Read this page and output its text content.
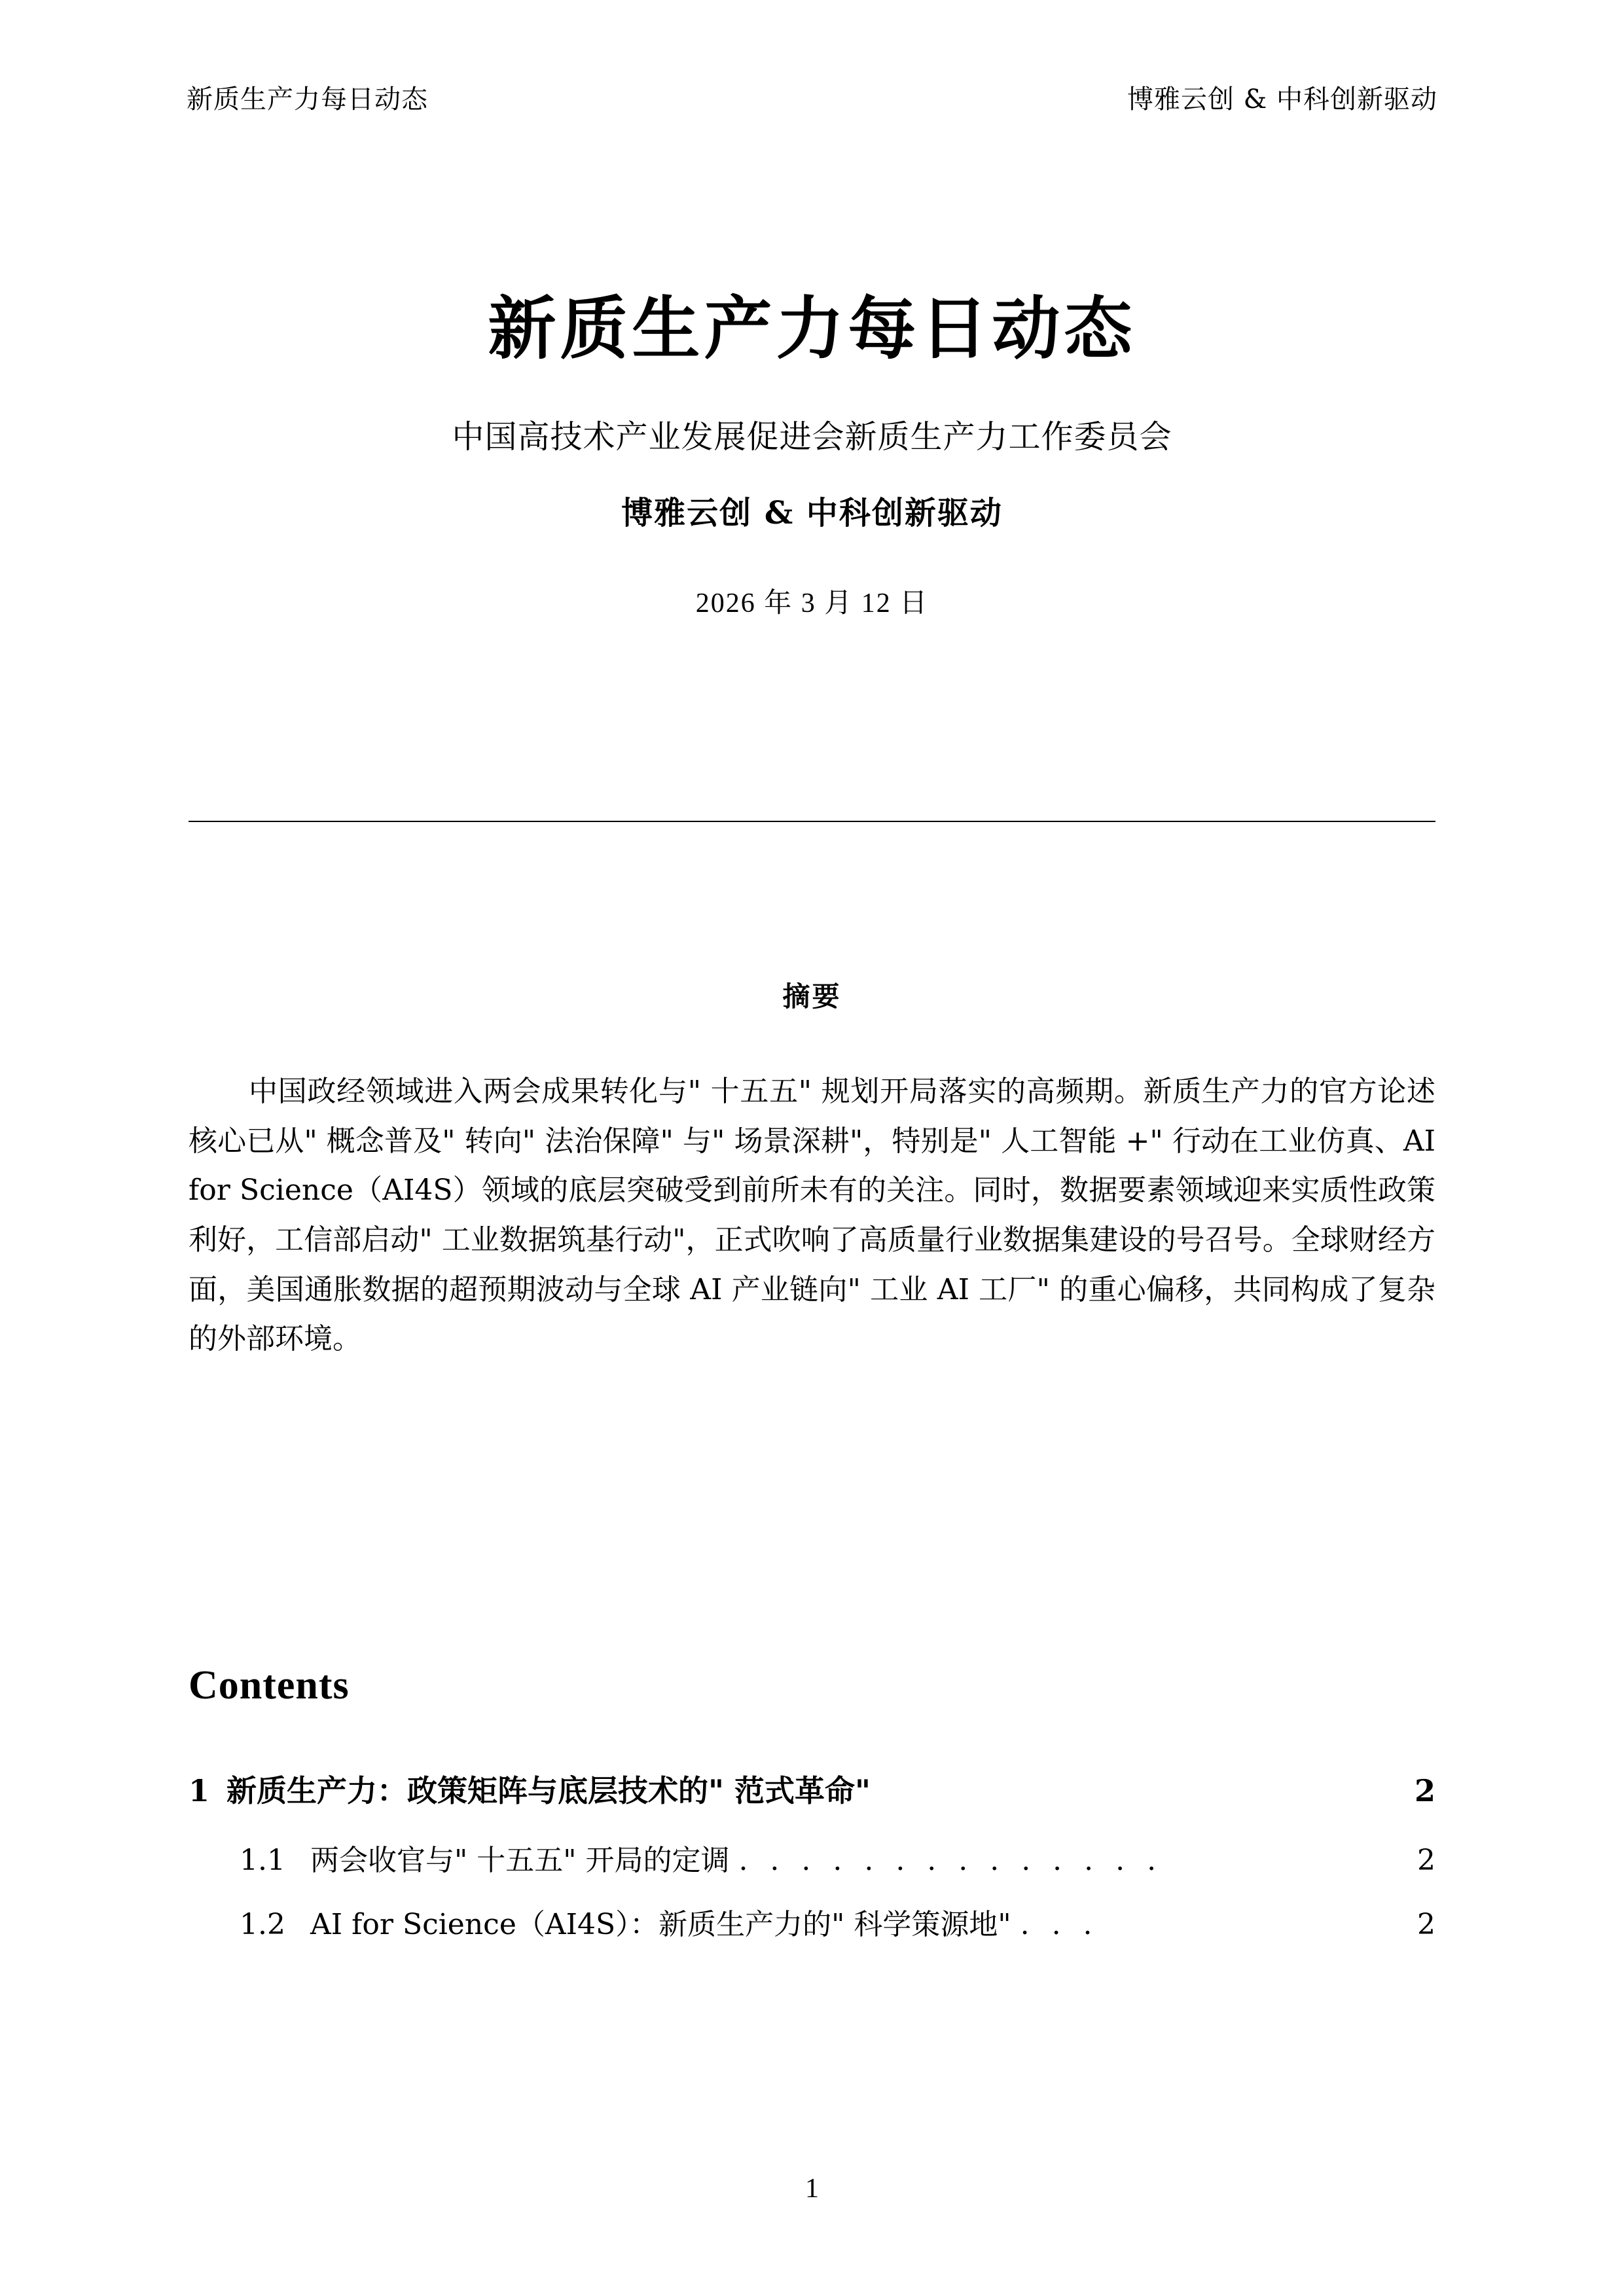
新质生产力每日动态	博雅云创 & 中科创新驱动
新质生产力每日动态
中国高技术产业发展促进会新质生产力工作委员会
博雅云创 & 中科创新驱动
2026 年 3 月 12 日
摘要
中国政经领域进入两会成果转化与" 十五五" 规划开局落实的高频期。新质生产力的官方论述核心已从" 概念普及" 转向" 法治保障" 与" 场景深耕"，特别是" 人工智能 +" 行动在工业仿真、AI for Science（AI4S）领域的底层突破受到前所未有的关注。同时，数据要素领域迎来实质性政策利好，工信部启动" 工业数据筑基行动"，正式吹响了高质量行业数据集建设的号召号。全球财经方面，美国通胀数据的超预期波动与全球 AI 产业链向" 工业 AI 工厂" 的重心偏移，共同构成了复杂的外部环境。
Contents
1 新质生产力：政策矩阵与底层技术的" 范式革命"	2
1.1 两会收官与" 十五五" 开局的定调 . . . . . . . . . . . . . .	2
1.2 AI for Science（AI4S）：新质生产力的" 科学策源地" . . .	2
1
